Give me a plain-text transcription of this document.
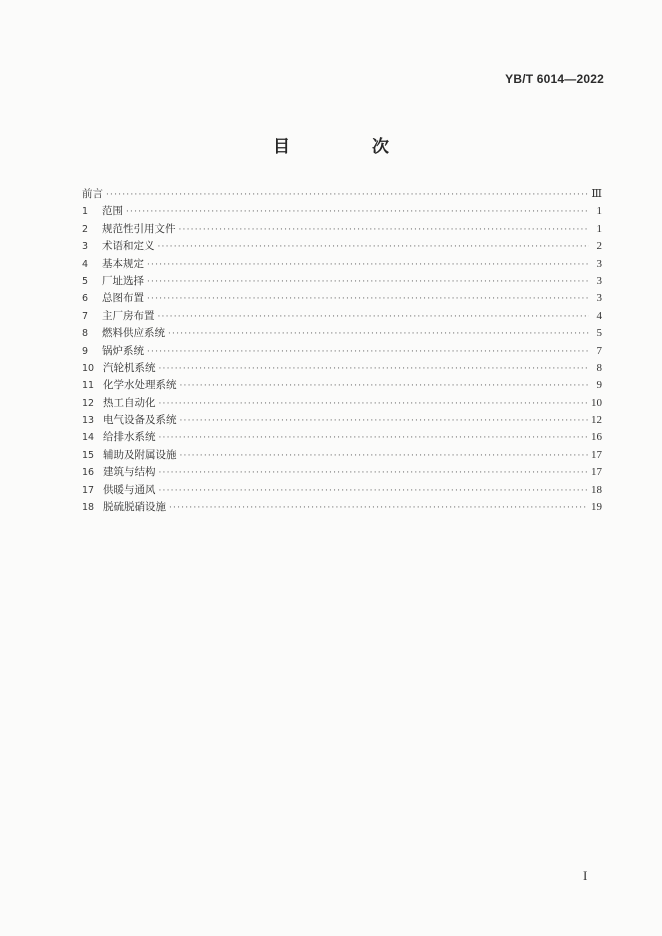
YB/T 6014—2022
目 次
前言 ·····	Ⅲ
1	范围 ·····	1
2	规范性引用文件 ·····	1
3	术语和定义 ·····	2
4	基本规定 ·····	3
5	厂址选择 ·····	3
6	总图布置 ·····	3
7	主厂房布置 ·····	4
8	燃料供应系统 ·····	5
9	锅炉系统 ·····	7
10 汽轮机系统 ·····	8
11 化学水处理系统 ·····	9
12 热工自动化 ·····	10
13 电气设备及系统 ·····	12
14 给排水系统 ·····	16
15 辅助及附属设施 ·····	17
16 建筑与结构 ·····	17
17 供暖与通风 ·····	18
18 脱硫脱硝设施 ·····	19
I
